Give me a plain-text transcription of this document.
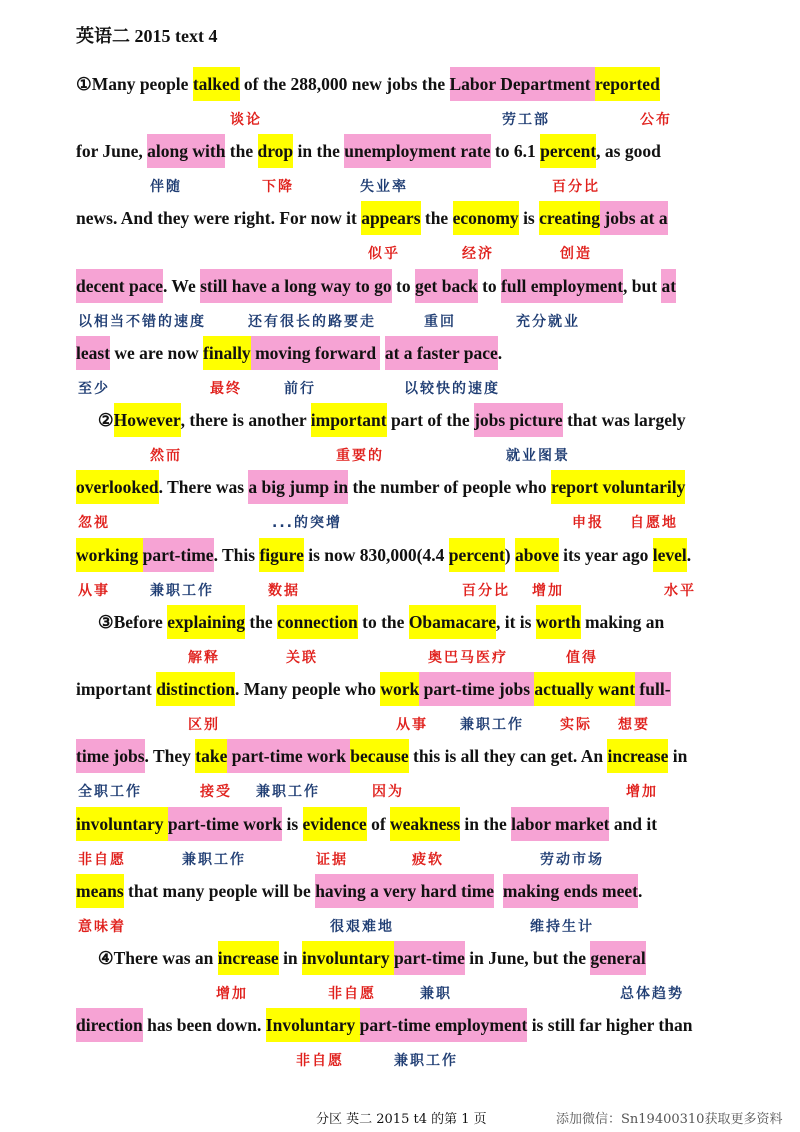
英语二 2015 text 4
①Many people talked of the 288,000 new jobs the Labor Department reported
谈论	劳工部	公布
for June, along with the drop in the unemployment rate to 6.1 percent, as good
伴随	下降	失业率	百分比
news. And they were right. For now it appears the economy is creating jobs at a
似乎	经济	创造
decent pace. We still have a long way to go to get back to full employment, but at
以相当不错的速度	还有很长的路要走	重回	充分就业
least we are now finally moving forward  at a faster pace.
至少	最终	前行	以较快的速度
②However, there is another important part of the jobs picture that was largely
然而	重要的	就业图景
overlooked. There was a big jump in the number of people who report voluntarily
忽视	...的突增	申报 自愿地
working part-time. This figure is now 830,000(4.4 percent) above its year ago level.
从事	兼职工作	数据	百分比 增加	水平
③Before explaining the connection to the Obamacare, it is worth making an
解释	关联	奥巴马医疗	值得
important distinction. Many people who work part-time jobs actually want full-
区别	从事 兼职工作	实际 想要
time jobs. They take part-time work because this is all they can get. An increase in
全职工作	接受 兼职工作	因为	增加
involuntary part-time work is evidence of weakness in the labor market and it
非自愿	兼职工作	证据	疲软	劳动市场
means that many people will be having a very hard time making ends meet.
意味着	很艰难地	维持生计
④There was an increase in involuntary part-time in June, but the general
增加	非自愿	兼职	总体趋势
direction has been down. Involuntary part-time employment is still far higher than
非自愿	兼职工作
分区 英二 2015 t4 的第 1 页	添加微信：Sn19400310获取更多资料
